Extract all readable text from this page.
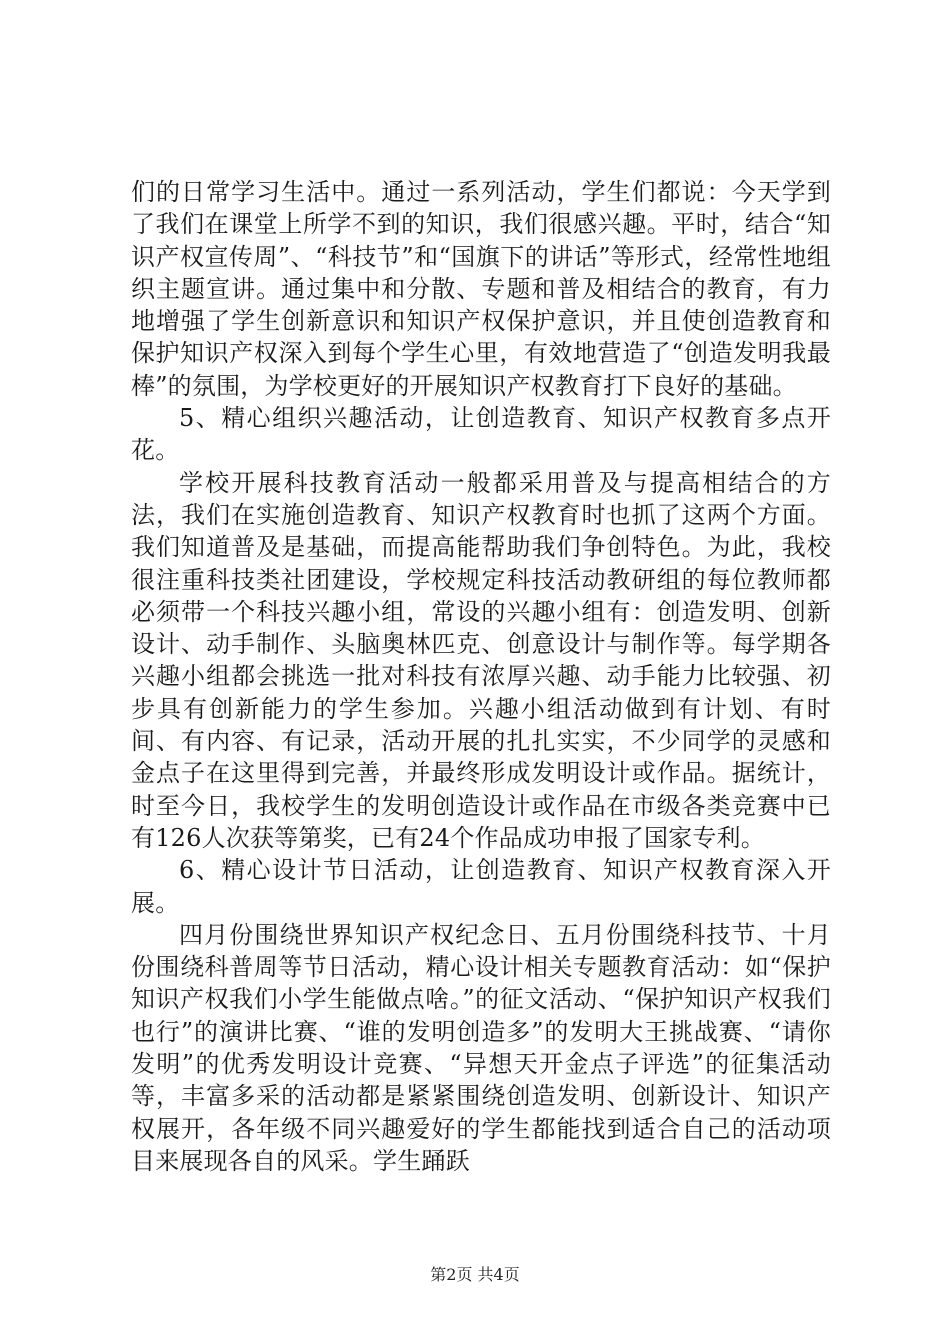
们的日常学习生活中。通过一系列活动，学生们都说：今天学到了我们在课堂上所学不到的知识，我们很感兴趣。平时，结合“知识产权宣传周”、“科技节”和“国旗下的讲话”等形式，经常性地组织主题宣讲。通过集中和分散、专题和普及相结合的教育，有力地增强了学生创新意识和知识产权保护意识，并且使创造教育和保护知识产权深入到每个学生心里，有效地营造了“创造发明我最棒”的氛围，为学校更好的开展知识产权教育打下良好的基础。

5、精心组织兴趣活动，让创造教育、知识产权教育多点开花。

学校开展科技教育活动一般都采用普及与提高相结合的方法，我们在实施创造教育、知识产权教育时也抓了这两个方面。我们知道普及是基础，而提高能帮助我们争创特色。为此，我校很注重科技类社团建设，学校规定科技活动教研组的每位教师都必须带一个科技兴趣小组，常设的兴趣小组有：创造发明、创新设计、动手制作、头脑奥林匹克、创意设计与制作等。每学期各兴趣小组都会挑选一批对科技有浓厚兴趣、动手能力比较强、初步具有创新能力的学生参加。兴趣小组活动做到有计划、有时间、有内容、有记录，活动开展的扎扎实实，不少同学的灵感和金点子在这里得到完善，并最终形成发明设计或作品。据统计，时至今日，我校学生的发明创造设计或作品在市级各类竞赛中已有126人次获等第奖，已有24个作品成功申报了国家专利。

6、精心设计节日活动，让创造教育、知识产权教育深入开展。

四月份围绕世界知识产权纪念日、五月份围绕科技节、十月份围绕科普周等节日活动，精心设计相关专题教育活动：如“保护知识产权我们小学生能做点啥。”的征文活动、“保护知识产权我们也行”的演讲比赛、“谁的发明创造多”的发明大王挑战赛、“请你发明”的优秀发明设计竞赛、“异想天开金点子评选”的征集活动等，丰富多采的活动都是紧紧围绕创造发明、创新设计、知识产权展开，各年级不同兴趣爱好的学生都能找到适合自己的活动项目来展现各自的风采。学生踊跃

第2页 共4页
